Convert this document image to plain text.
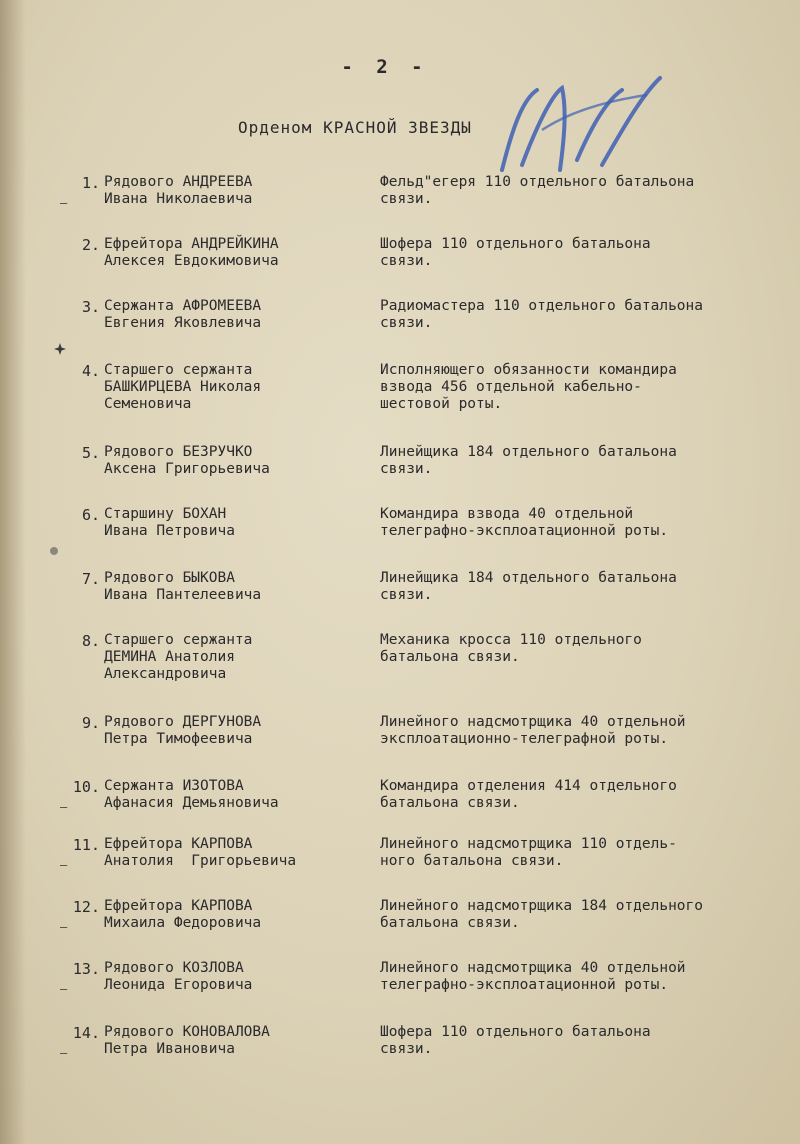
- 2 -
Орденом КРАСНОЙ ЗВЕЗДЫ
1. Рядового АНДРЕЕВА
Ивана Николаевича
Фельд"егеря 110 отдельного батальона
связи.
–
2. Ефрейтора АНДРЕЙКИНА
Алексея Евдокимовича
Шофера 110 отдельного батальона
связи.
3. Сержанта АФРОМЕЕВА
Евгения Яковлевича
Радиомастера 110 отдельного батальона
связи.
4. Старшего сержанта
БАШКИРЦЕВА Николая
Семеновича
Исполняющего обязанности командира
взвода 456 отдельной кабельно-
шестовой роты.
5. Рядового БЕЗРУЧКО
Аксена Григорьевича
Линейщика 184 отдельного батальона
связи.
6. Старшину БОХАН
Ивана Петровича
Командира взвода 40 отдельной
телеграфно-эксплоатационной роты.
7. Рядового БЫКОВА
Ивана Пантелеевича
Линейщика 184 отдельного батальона
связи.
8. Старшего сержанта
ДЕМИНА Анатолия
Александровича
Механика кросса 110 отдельного
батальона связи.
9. Рядового ДЕРГУНОВА
Петра Тимофеевича
Линейного надсмотрщика 40 отдельной
эксплоатационно-телеграфной роты.
10. Сержанта ИЗОТОВА
Афанасия Демьяновича
Командира отделения 414 отдельного
батальона связи.
–
11. Ефрейтора КАРПОВА
Анатолия  Григорьевича
Линейного надсмотрщика 110 отдель-
ного батальона связи.
–
12. Ефрейтора КАРПОВА
Михаила Федоровича
Линейного надсмотрщика 184 отдельного
батальона связи.
–
13. Рядового КОЗЛОВА
Леонида Егоровича
Линейного надсмотрщика 40 отдельной
телеграфно-эксплоатационной роты.
–
14. Рядового КОНОВАЛОВА
Петра Ивановича
Шофера 110 отдельного батальона
связи.
–
